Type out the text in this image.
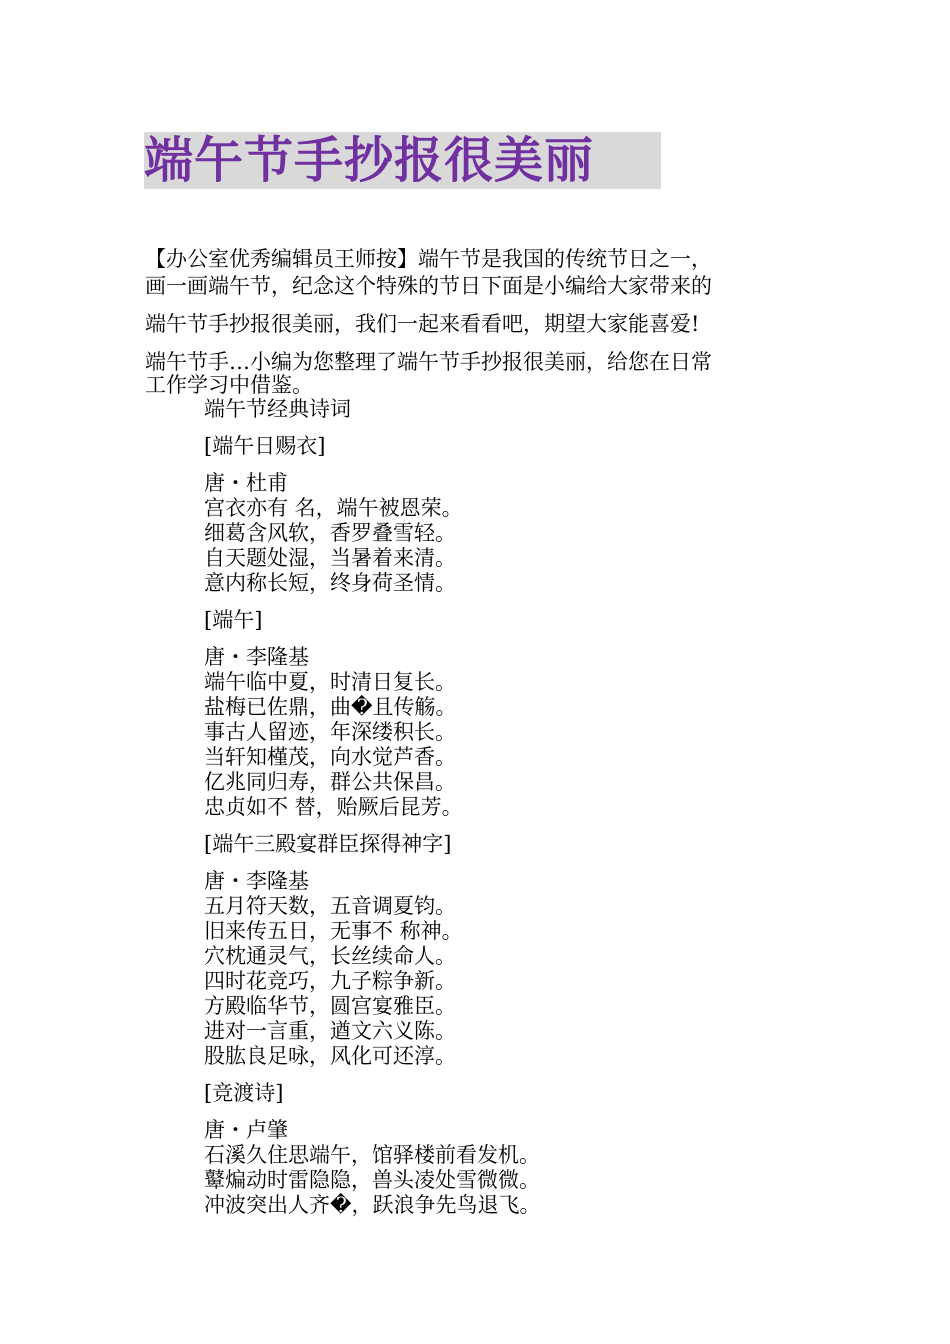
端午节手抄报很美丽
【办公室优秀编辑员王师按】端午节是我国的传统节日之一，
画一画端午节，纪念这个特殊的节日下面是小编给大家带来的
端午节手抄报很美丽，我们一起来看看吧，期望大家能喜爱!
端午节手…小编为您整理了端午节手抄报很美丽，给您在日常
工作学习中借鉴。
端午节经典诗词
[端午日赐衣]
唐・杜甫
宫衣亦有 名，端午被恩荣。
细葛含风软，香罗叠雪轻。
自天题处湿，当暑着来清。
意内称长短，终身荷圣情。
[端午]
唐・李隆基
端午临中夏，时清日复长。
盐梅已佐鼎，曲�且传觞。
事古人留迹，年深缕积长。
当轩知槿茂，向水觉芦香。
亿兆同归寿，群公共保昌。
忠贞如不 替，贻厥后昆芳。
[端午三殿宴群臣探得神字]
唐・李隆基
五月符天数，五音调夏钧。
旧来传五日，无事不 称神。
穴枕通灵气，长丝续命人。
四时花竞巧，九子粽争新。
方殿临华节，圆宫宴雅臣。
进对一言重，遒文六义陈。
股肱良足咏，风化可还淳。
[竞渡诗]
唐・卢肇
石溪久住思端午，馆驿楼前看发机。
鼙煸动时雷隐隐，兽头凌处雪微微。
冲波突出人齐�，跃浪争先鸟退飞。
